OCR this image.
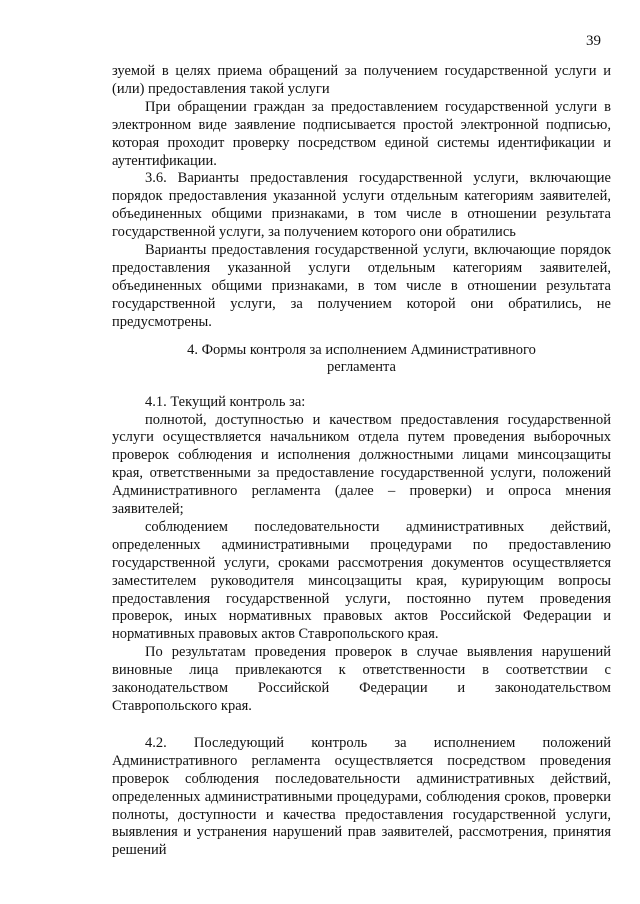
39

зуемой в целях приема обращений за получением государственной услуги и (или) предоставления такой услуги

При обращении граждан за предоставлением государственной услуги в электронном виде заявление подписывается простой электронной подписью, которая проходит проверку посредством единой системы идентификации и аутентификации.

3.6. Варианты предоставления государственной услуги, включающие порядок предоставления указанной услуги отдельным категориям заявителей, объединенных общими признаками, в том числе в отношении результата государственной услуги, за получением которого они обратились

Варианты предоставления государственной услуги, включающие порядок предоставления указанной услуги отдельным категориям заявителей, объединенных общими признаками, в том числе в отношении результата государственной услуги, за получением которой они обратились, не предусмотрены.

4. Формы контроля за исполнением Административного
регламента

4.1. Текущий контроль за:

полнотой, доступностью и качеством предоставления государственной услуги осуществляется начальником отдела путем проведения выборочных проверок соблюдения и исполнения должностными лицами минсоцзащиты края, ответственными за предоставление государственной услуги, положений Административного регламента (далее – проверки) и опроса мнения заявителей;

соблюдением последовательности административных действий, определенных административными процедурами по предоставлению государственной услуги, сроками рассмотрения документов осуществляется заместителем руководителя минсоцзащиты края, курирующим вопросы предоставления государственной услуги, постоянно путем проведения проверок, иных нормативных правовых актов Российской Федерации и нормативных правовых актов Ставропольского края.

По результатам проведения проверок в случае выявления нарушений виновные лица привлекаются к ответственности в соответствии с законодательством Российской Федерации и законодательством Ставропольского края.

4.2. Последующий контроль за исполнением положений Административного регламента осуществляется посредством проведения проверок соблюдения последовательности административных действий, определенных административными процедурами, соблюдения сроков, проверки полноты, доступности и качества предоставления государственной услуги, выявления и устранения нарушений прав заявителей, рассмотрения, принятия решений
